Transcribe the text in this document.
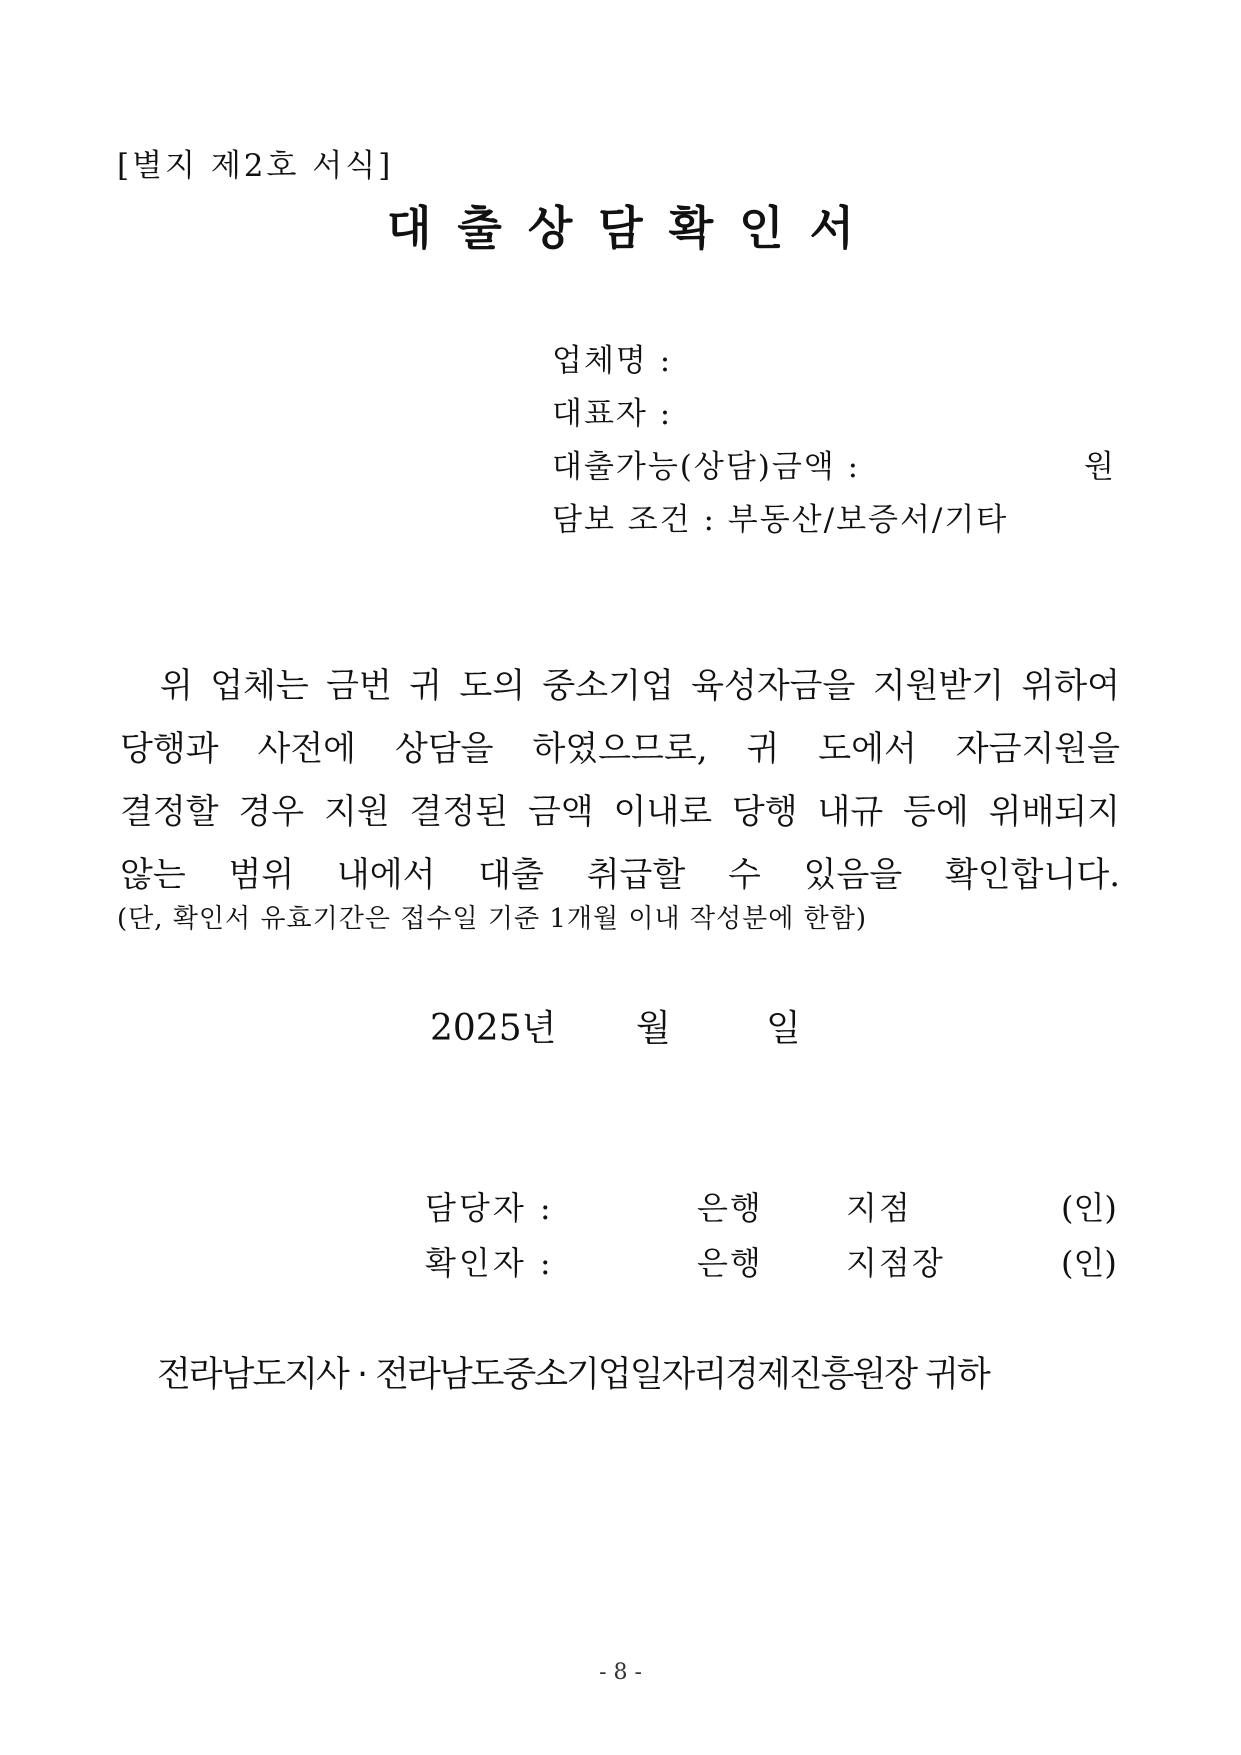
[별지 제2호 서식]
대출상담확인서
업체명 :
대표자 :
대출가능(상담)금액 :	원
담보 조건 : 부동산/보증서/기타
위 업체는 금번 귀 도의 중소기업 육성자금을 지원받기 위하여
당행과 사전에 상담을 하였으므로, 귀 도에서 자금지원을
결정할 경우 지원 결정된 금액 이내로 당행 내규 등에 위배되지
않는 범위 내에서 대출 취급할 수 있음을 확인합니다.
(단, 확인서 유효기간은 접수일 기준 1개월 이내 작성분에 한함)
2025년 월	일
담당자 :	은행	지점	(인)
확인자 :	은행	지점장	(인)
전라남도지사 · 전라남도중소기업일자리경제진흥원장 귀하
- 8 -
